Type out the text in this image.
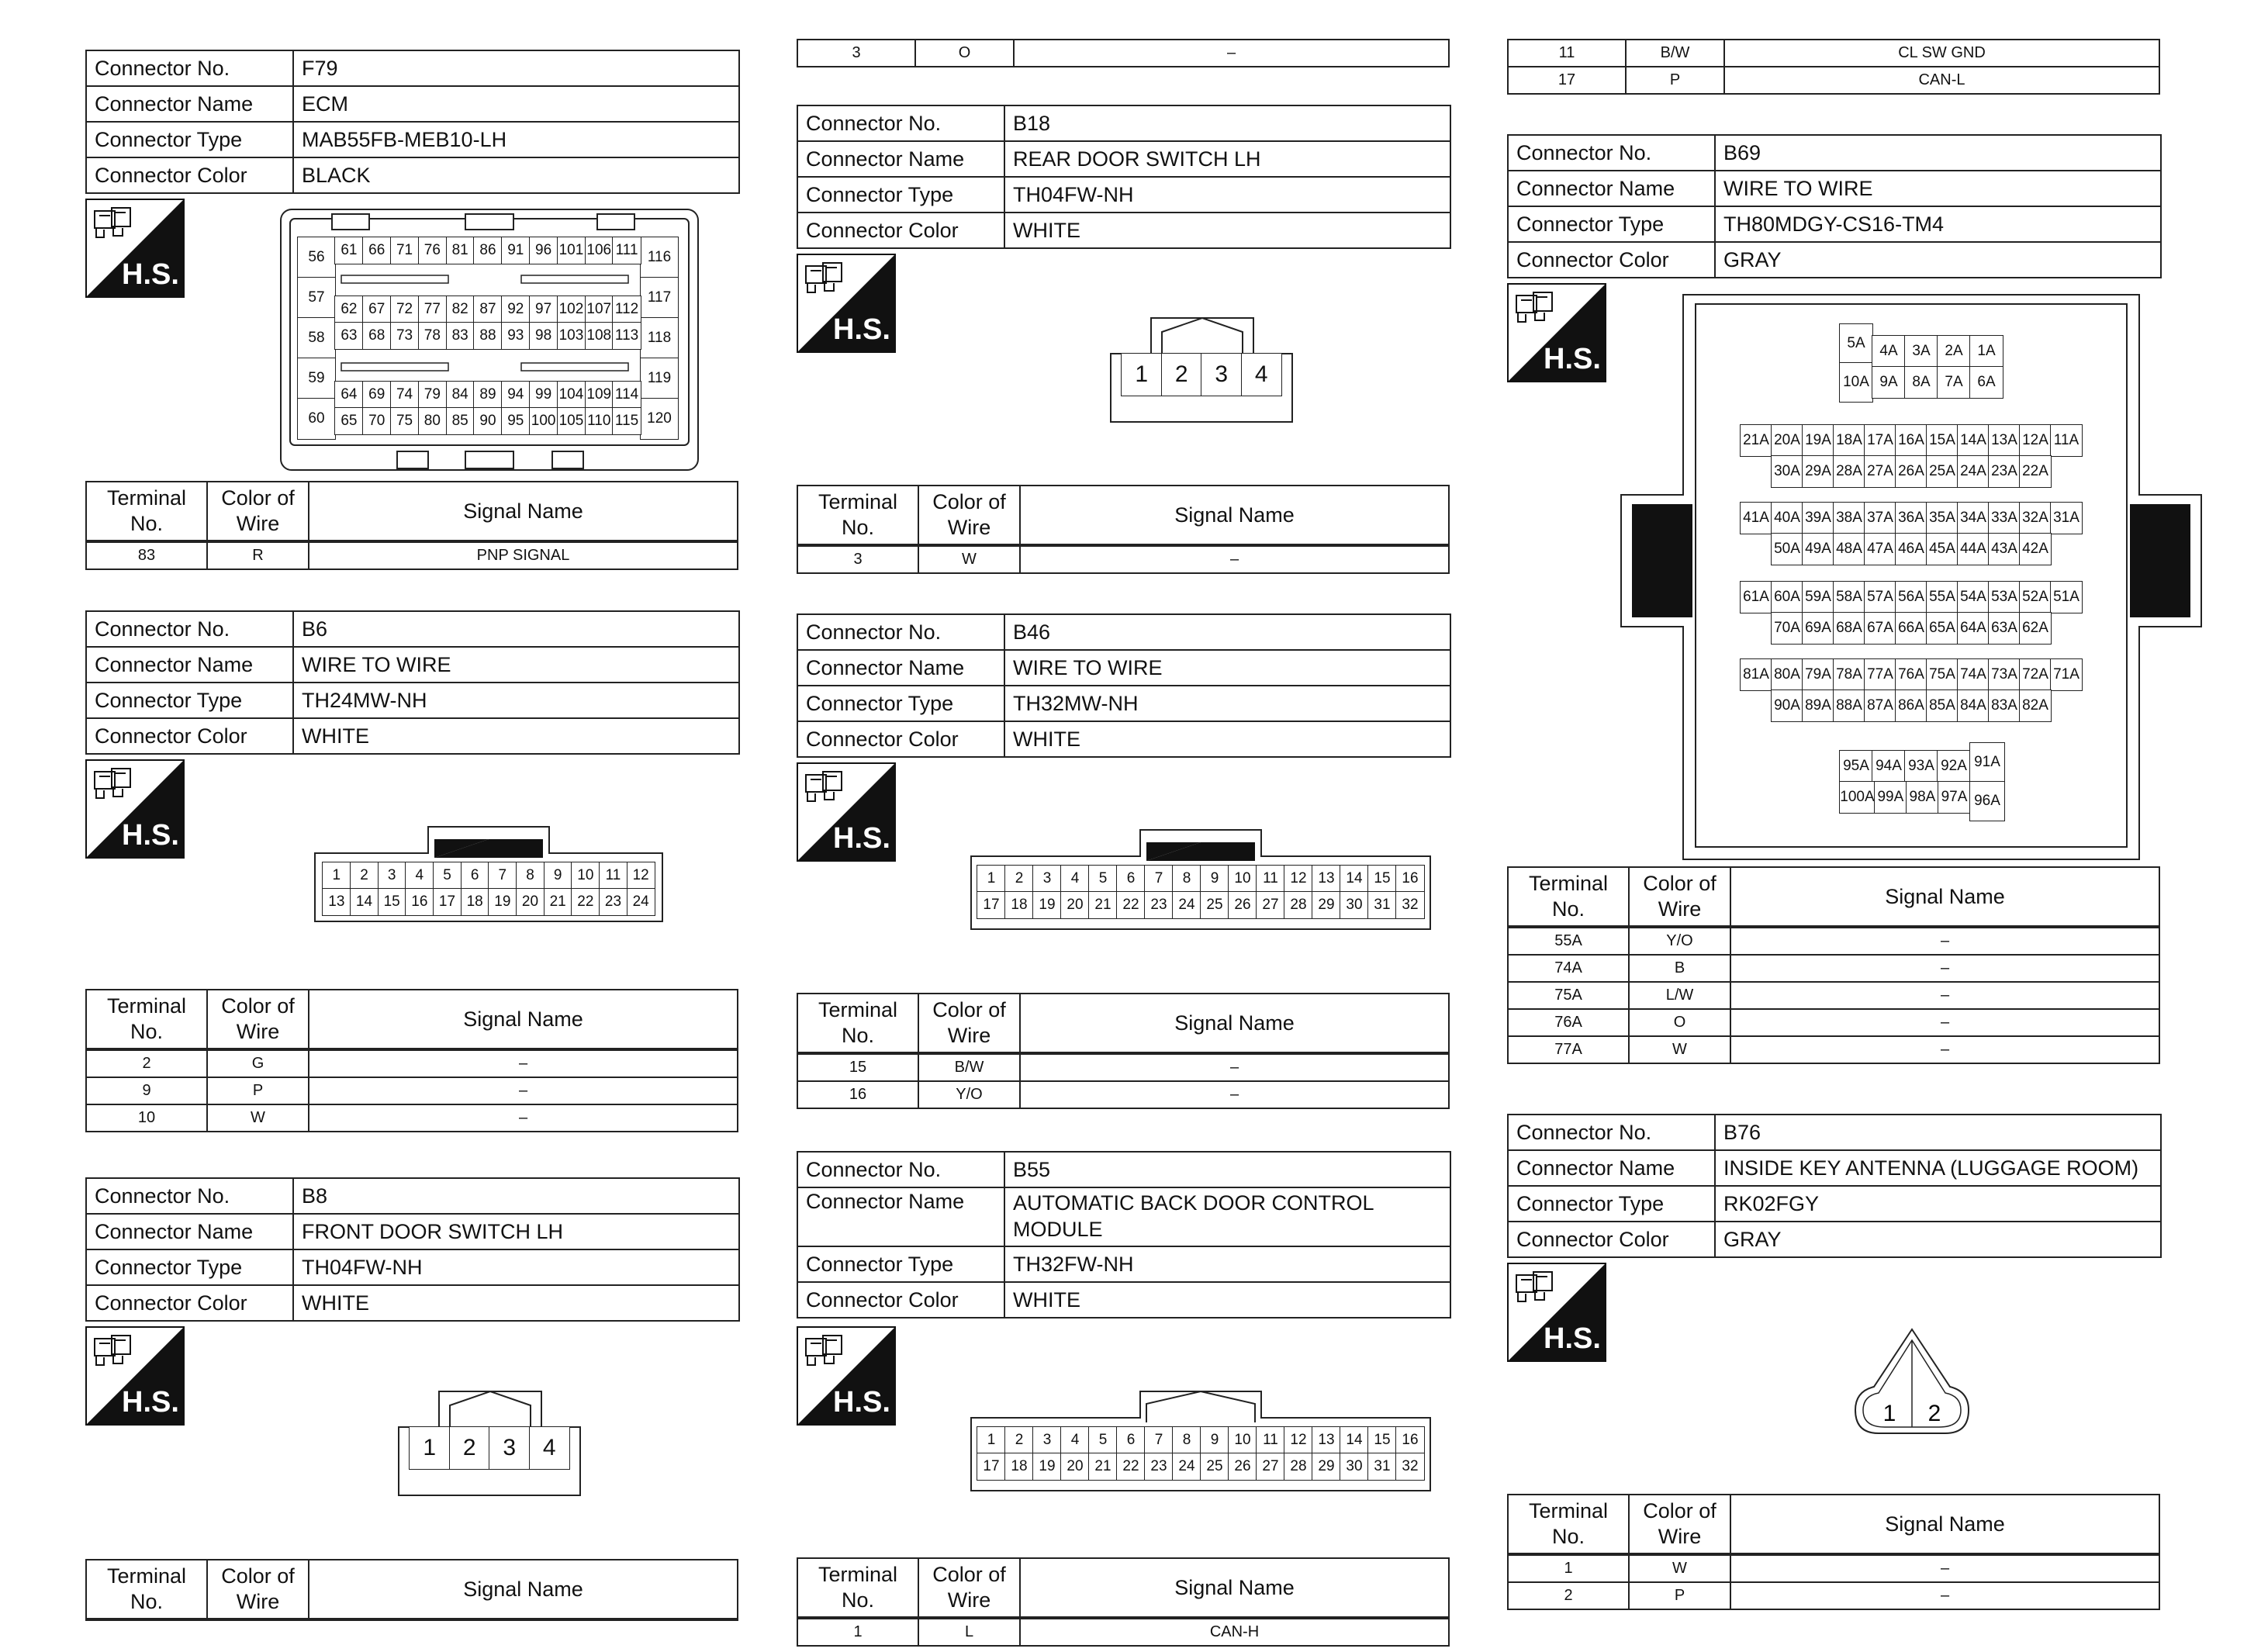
Connector No.	F79
Connector Name	ECM
Connector Type	MAB55FB-MEB10-LH
Connector Color	BLACK
H.S.
56
57
58
59
60
116
117
118
119
120
61 66 71 76 81 86 91 96 101 106 111
62 67 72 77 82 87 92 97 102 107 112
63 68 73 78 83 88 93 98 103 108 113
64 69 74 79 84 89 94 99 104 109 114
65 70 75 80 85 90 95 100 105 110 115
Terminal No.	Color of Wire	Signal Name
83	R	PNP SIGNAL
Connector No.	B6
Connector Name	WIRE TO WIRE
Connector Type	TH24MW-NH
Connector Color	WHITE
H.S.
1	2	3	4	5	6	7	8	9	10 11 12
13 14 15 16 17 18 19 20 21 22 23 24
Terminal No.	Color of Wire	Signal Name
2	G	–
9	P	–
10	W	–
Connector No.	B8
Connector Name	FRONT DOOR SWITCH LH
Connector Type	TH04FW-NH
Connector Color	WHITE
H.S.
1	2	3	4
Terminal No.	Color of Wire	Signal Name
3	O	–
Connector No.	B18
Connector Name	REAR DOOR SWITCH LH
Connector Type	TH04FW-NH
Connector Color	WHITE
H.S.
1	2	3	4
Terminal No.	Color of Wire	Signal Name
3	W	–
Connector No.	B46
Connector Name	WIRE TO WIRE
Connector Type	TH32MW-NH
Connector Color	WHITE
H.S.
1	2	3	4	5	6	7	8	9	10 11 12 13 14 15 16
17 18 19 20 21 22 23 24 25 26 27 28 29 30 31 32
Terminal No.	Color of Wire	Signal Name
15	B/W	–
16	Y/O	–
Connector No.	B55
Connector Name	AUTOMATIC BACK DOOR CONTROL MODULE
Connector Type	TH32FW-NH
Connector Color	WHITE
H.S.
1	2	3	4	5	6	7	8	9	10 11 12 13 14 15 16
17 18 19 20 21 22 23 24 25 26 27 28 29 30 31 32
Terminal No.	Color of Wire	Signal Name
1	L	CAN-H
11	B/W	CL SW GND
17	P	CAN-L
Connector No.	B69
Connector Name	WIRE TO WIRE
Connector Type	TH80MDGY-CS16-TM4
Connector Color	GRAY
H.S.	5A
10A
4A 3A 2A 1A
9A 8A 7A 6A
21A 20A 19A 18A 17A 16A 15A 14A 13A 12A 11A
30A 29A 28A 27A 26A 25A 24A 23A 22A
41A 40A 39A 38A 37A 36A 35A 34A 33A 32A 31A
50A 49A 48A 47A 46A 45A 44A 43A 42A
61A 60A 59A 58A 57A 56A 55A 54A 53A 52A 51A
70A 69A 68A 67A 66A 65A 64A 63A 62A
81A 80A 79A 78A 77A 76A 75A 74A 73A 72A 71A
90A 89A 88A 87A 86A 85A 84A 83A 82A
95A 94A 93A 92A
100A 99A 98A 97A
91A
96A
Terminal No.	Color of Wire	Signal Name
55A	Y/O	–
74A	B	–
75A	L/W	–
76A	O	–
77A	W	–
Connector No.	B76
Connector Name	INSIDE KEY ANTENNA (LUGGAGE ROOM)
Connector Type	RK02FGY
Connector Color	GRAY
H.S.
1 2
Terminal No.	Color of Wire	Signal Name
1	W	–
2	P	–
